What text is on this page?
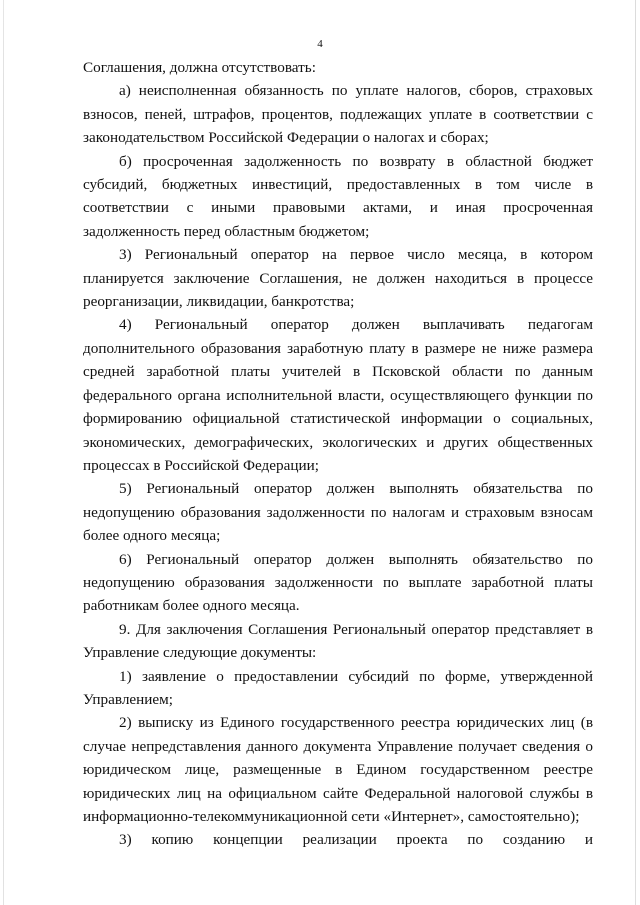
4

Соглашения, должна отсутствовать:

а) неисполненная обязанность по уплате налогов, сборов, страховых взносов, пеней, штрафов, процентов, подлежащих уплате в соответствии с законодательством Российской Федерации о налогах и сборах;

б) просроченная задолженность по возврату в областной бюджет субсидий, бюджетных инвестиций, предоставленных в том числе в соответствии с иными правовыми актами, и иная просроченная задолженность перед областным бюджетом;

3) Региональный оператор на первое число месяца, в котором планируется заключение Соглашения, не должен находиться в процессе реорганизации, ликвидации, банкротства;

4) Региональный оператор должен выплачивать педагогам дополнительного образования заработную плату в размере не ниже размера средней заработной платы учителей в Псковской области по данным федерального органа исполнительной власти, осуществляющего функции по формированию официальной статистической информации о социальных, экономических, демографических, экологических и других общественных процессах в Российской Федерации;

5) Региональный оператор должен выполнять обязательства по недопущению образования задолженности по налогам и страховым взносам более одного месяца;

6) Региональный оператор должен выполнять обязательство по недопущению образования задолженности по выплате заработной платы работникам более одного месяца.

9. Для заключения Соглашения Региональный оператор представляет в Управление следующие документы:

1) заявление о предоставлении субсидий по форме, утвержденной Управлением;

2) выписку из Единого государственного реестра юридических лиц (в случае непредставления данного документа Управление получает сведения о юридическом лице, размещенные в Едином государственном реестре юридических лиц на официальном сайте Федеральной налоговой службы в информационно-телекоммуникационной сети «Интернет», самостоятельно);

3) копию концепции реализации проекта по созданию и
